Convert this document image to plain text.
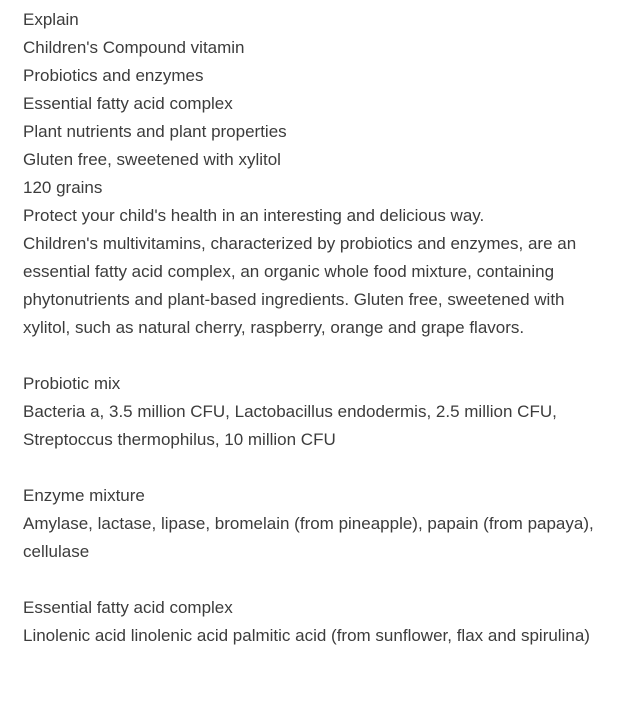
Explain
Children's Compound vitamin
Probiotics and enzymes
Essential fatty acid complex
Plant nutrients and plant properties
Gluten free, sweetened with xylitol
120 grains
Protect your child's health in an interesting and delicious way.

Children's multivitamins, characterized by probiotics and enzymes, are an essential fatty acid complex, an organic whole food mixture, containing phytonutrients and plant-based ingredients. Gluten free, sweetened with xylitol, such as natural cherry, raspberry, orange and grape flavors.

Probiotic mix

Bacteria a, 3.5 million CFU, Lactobacillus endodermis, 2.5 million CFU, Streptoccus thermophilus, 10 million CFU

Enzyme mixture

Amylase, lactase, lipase, bromelain (from pineapple), papain (from papaya), cellulase

Essential fatty acid complex

Linolenic acid linolenic acid palmitic acid (from sunflower, flax and spirulina)
